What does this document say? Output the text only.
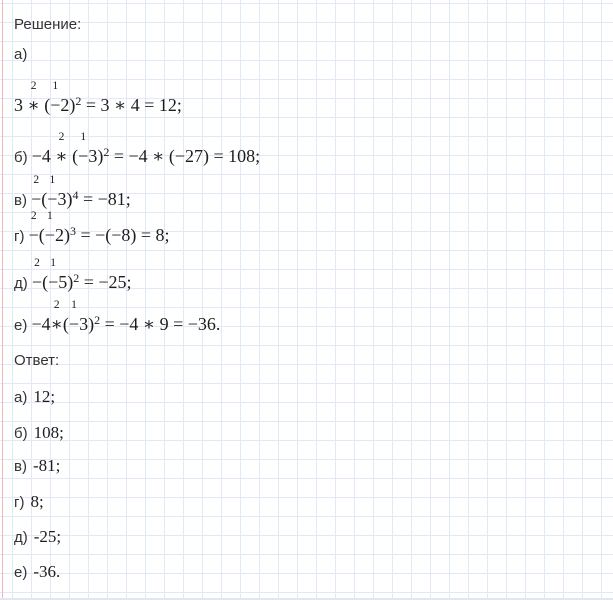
Решение:
а)
3 ∗
2
(−
1
2)2 = 3 ∗ 4 = 12;
б) −4 ∗
2
(−
1
3)2 = −4 ∗ (−27) = 108;
в) −
2
(−
1
3)4 = −81;
г) −
2
(−
1
2)3 = −(−8) = 8;
д) −
2
(−
1
5)2 = −25;
е) −4∗
2
(−
1
3)2 = −4 ∗ 9 = −36.
Ответ:
а) 12;
б) 108;
в) -81;
г) 8;
д) -25;
е) -36.
